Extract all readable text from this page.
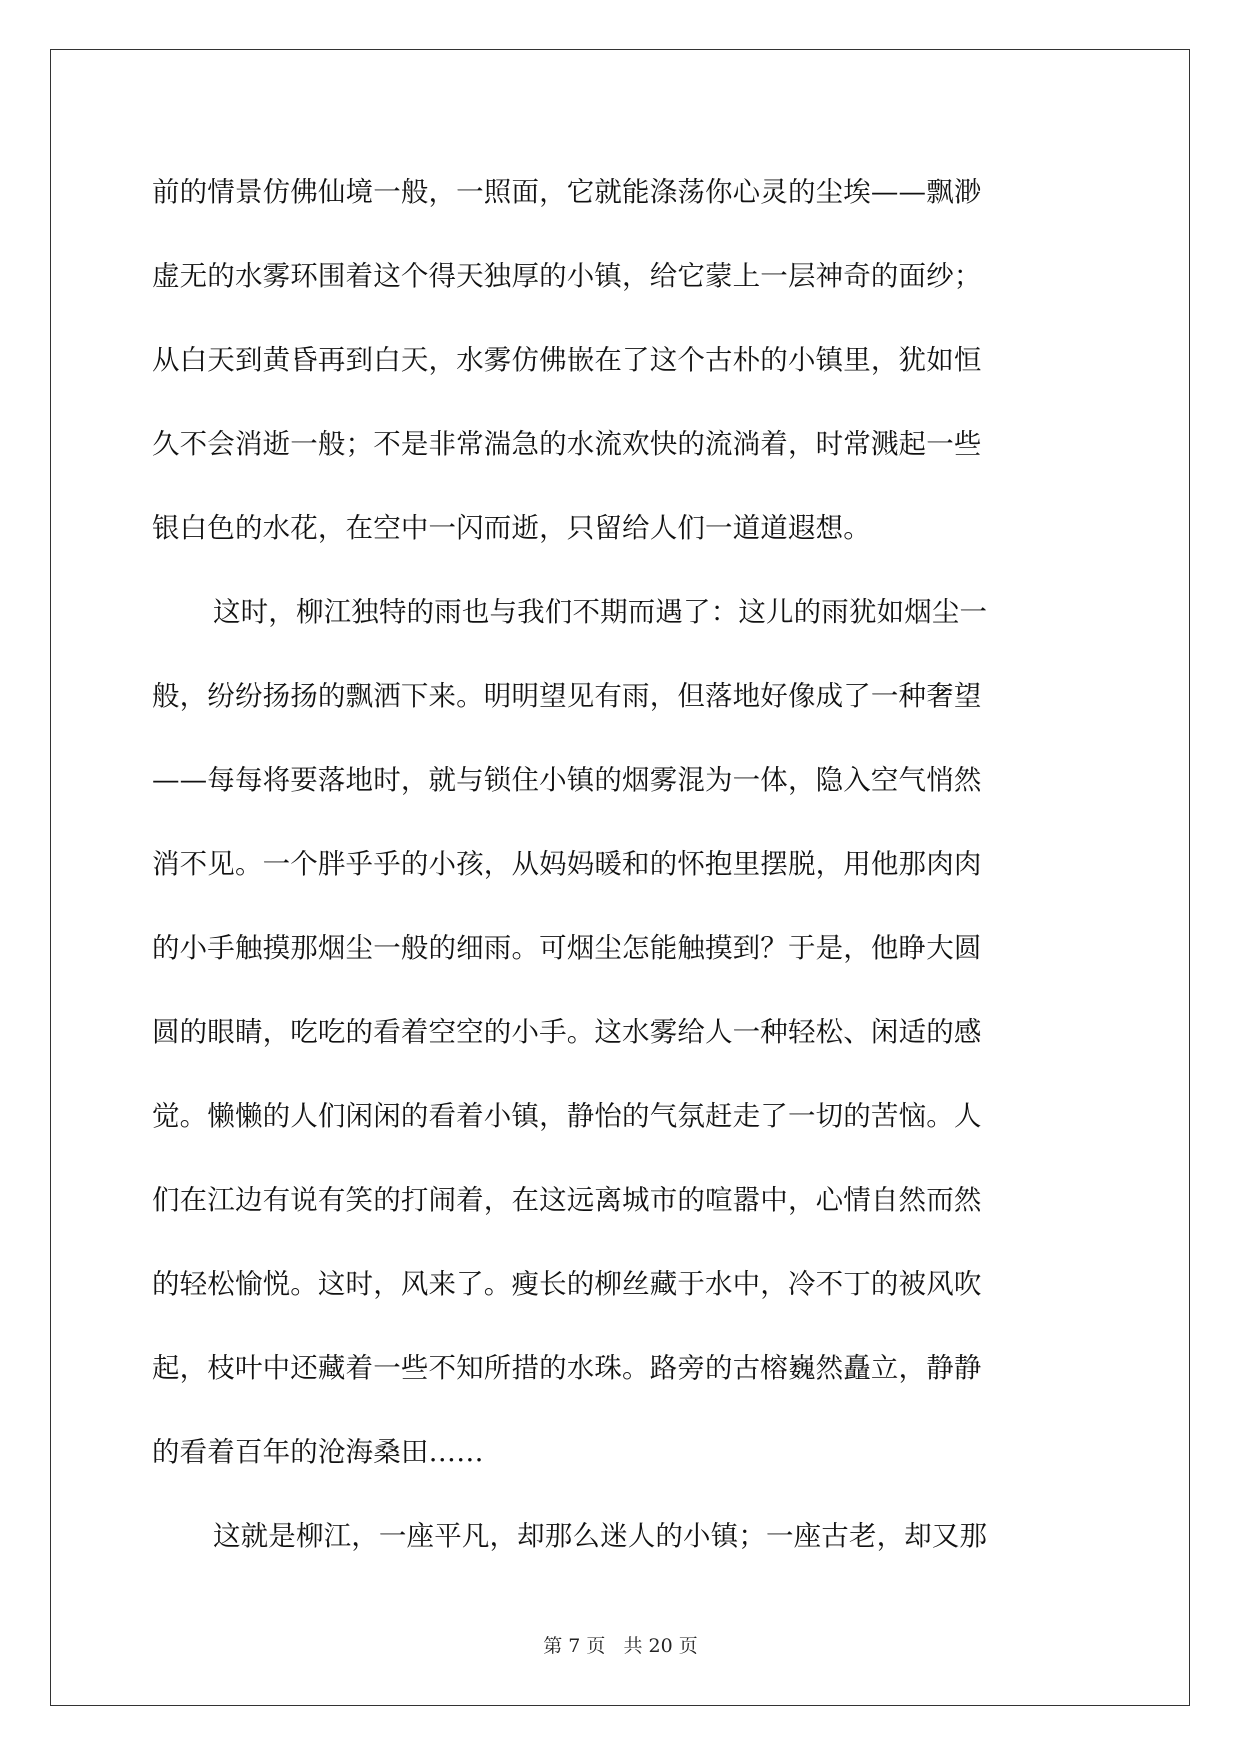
前的情景仿佛仙境一般，一照面，它就能涤荡你心灵的尘埃——飘渺
虚无的水雾环围着这个得天独厚的小镇，给它蒙上一层神奇的面纱；
从白天到黄昏再到白天，水雾仿佛嵌在了这个古朴的小镇里，犹如恒
久不会消逝一般；不是非常湍急的水流欢快的流淌着，时常溅起一些
银白色的水花，在空中一闪而逝，只留给人们一道道遐想。
这时，柳江独特的雨也与我们不期而遇了：这儿的雨犹如烟尘一
般，纷纷扬扬的飘洒下来。明明望见有雨，但落地好像成了一种奢望
——每每将要落地时，就与锁住小镇的烟雾混为一体，隐入空气悄然
消不见。一个胖乎乎的小孩，从妈妈暖和的怀抱里摆脱，用他那肉肉
的小手触摸那烟尘一般的细雨。可烟尘怎能触摸到？于是，他睁大圆
圆的眼睛，吃吃的看着空空的小手。这水雾给人一种轻松、闲适的感
觉。懒懒的人们闲闲的看着小镇，静怡的气氛赶走了一切的苦恼。人
们在江边有说有笑的打闹着，在这远离城市的喧嚣中，心情自然而然
的轻松愉悦。这时，风来了。瘦长的柳丝藏于水中，冷不丁的被风吹
起，枝叶中还藏着一些不知所措的水珠。路旁的古榕巍然矗立，静静
的看着百年的沧海桑田……
这就是柳江，一座平凡，却那么迷人的小镇；一座古老，却又那
第 7 页   共 20 页
